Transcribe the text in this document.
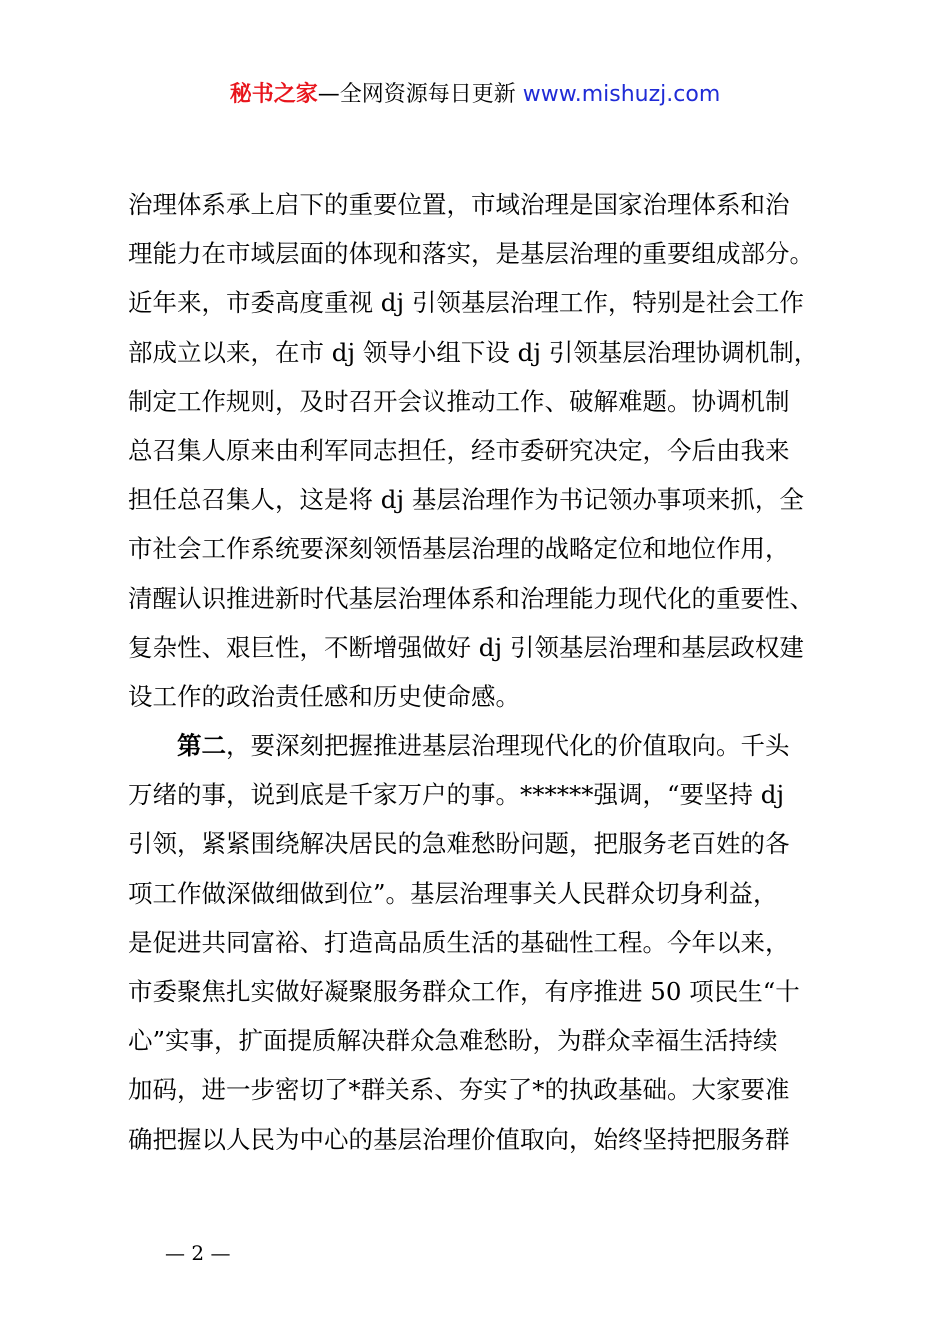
秘书之家—全网资源每日更新 www.mishuzj.com
治理体系承上启下的重要位置，市域治理是国家治理体系和治
理能力在市域层面的体现和落实，是基层治理的重要组成部分。
近年来，市委高度重视 dj 引领基层治理工作，特别是社会工作
部成立以来，在市 dj 领导小组下设 dj 引领基层治理协调机制，
制定工作规则，及时召开会议推动工作、破解难题。协调机制
总召集人原来由利军同志担任，经市委研究决定，今后由我来
担任总召集人，这是将 dj 基层治理作为书记领办事项来抓，全
市社会工作系统要深刻领悟基层治理的战略定位和地位作用，
清醒认识推进新时代基层治理体系和治理能力现代化的重要性、
复杂性、艰巨性，不断增强做好 dj 引领基层治理和基层政权建
设工作的政治责任感和历史使命感。
第二，要深刻把握推进基层治理现代化的价值取向。千头
万绪的事，说到底是千家万户的事。******强调，“要坚持 dj
引领，紧紧围绕解决居民的急难愁盼问题，把服务老百姓的各
项工作做深做细做到位”。基层治理事关人民群众切身利益，
是促进共同富裕、打造高品质生活的基础性工程。今年以来，
市委聚焦扎实做好凝聚服务群众工作，有序推进 50 项民生“十
心”实事，扩面提质解决群众急难愁盼，为群众幸福生活持续
加码，进一步密切了*群关系、夯实了*的执政基础。大家要准
确把握以人民为中心的基层治理价值取向，始终坚持把服务群
— 2 —
